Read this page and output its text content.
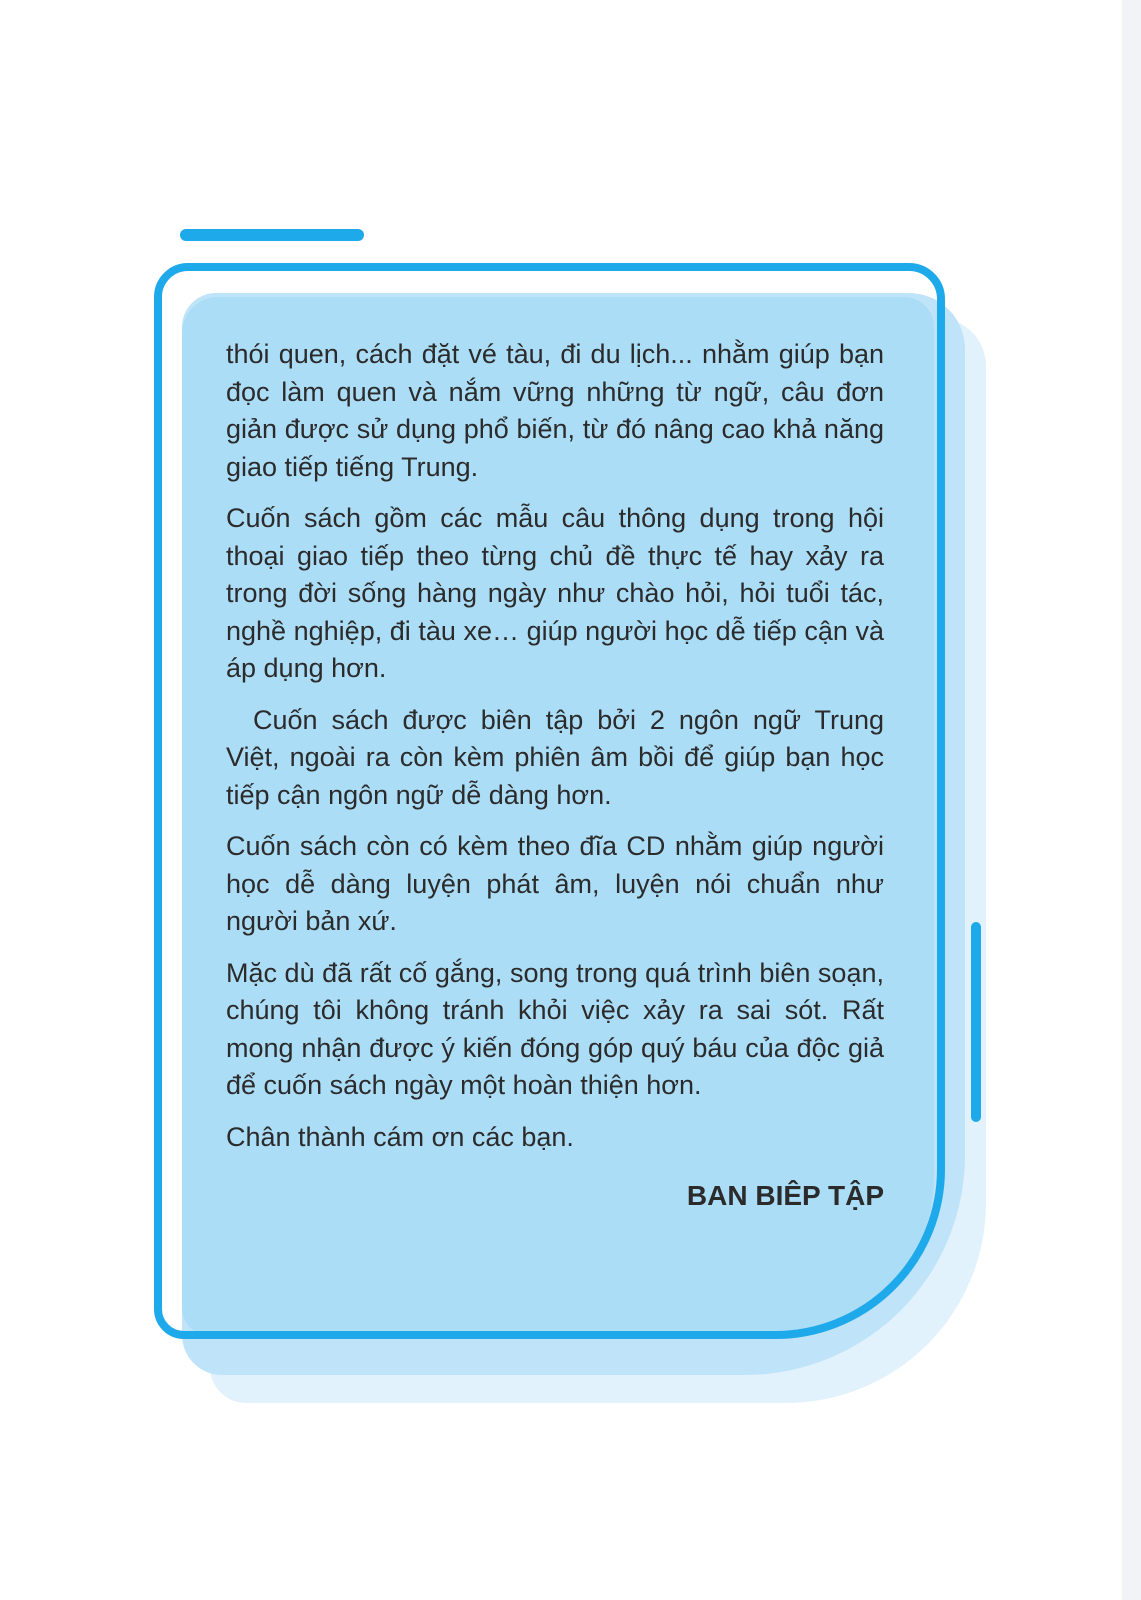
thói quen, cách đặt vé tàu, đi du lịch... nhằm giúp bạn đọc làm quen và nắm vững những từ ngữ, câu đơn giản được sử dụng phổ biến, từ đó nâng cao khả năng giao tiếp tiếng Trung.

Cuốn sách gồm các mẫu câu thông dụng trong hội thoại giao tiếp theo từng chủ đề thực tế hay xảy ra trong đời sống hàng ngày như chào hỏi, hỏi tuổi tác, nghề nghiệp, đi tàu xe… giúp người học dễ tiếp cận và áp dụng hơn.

Cuốn sách được biên tập bởi 2 ngôn ngữ Trung Việt, ngoài ra còn kèm phiên âm bồi để giúp bạn học tiếp cận ngôn ngữ dễ dàng hơn.

Cuốn sách còn có kèm theo đĩa CD nhằm giúp người học dễ dàng luyện phát âm, luyện nói chuẩn như người bản xứ.

Mặc dù đã rất cố gắng, song trong quá trình biên soạn, chúng tôi không tránh khỏi việc xảy ra sai sót. Rất mong nhận được ý kiến đóng góp quý báu của độc giả để cuốn sách ngày một hoàn thiện hơn.

Chân thành cám ơn các bạn.

BAN BIÊP TẬP
